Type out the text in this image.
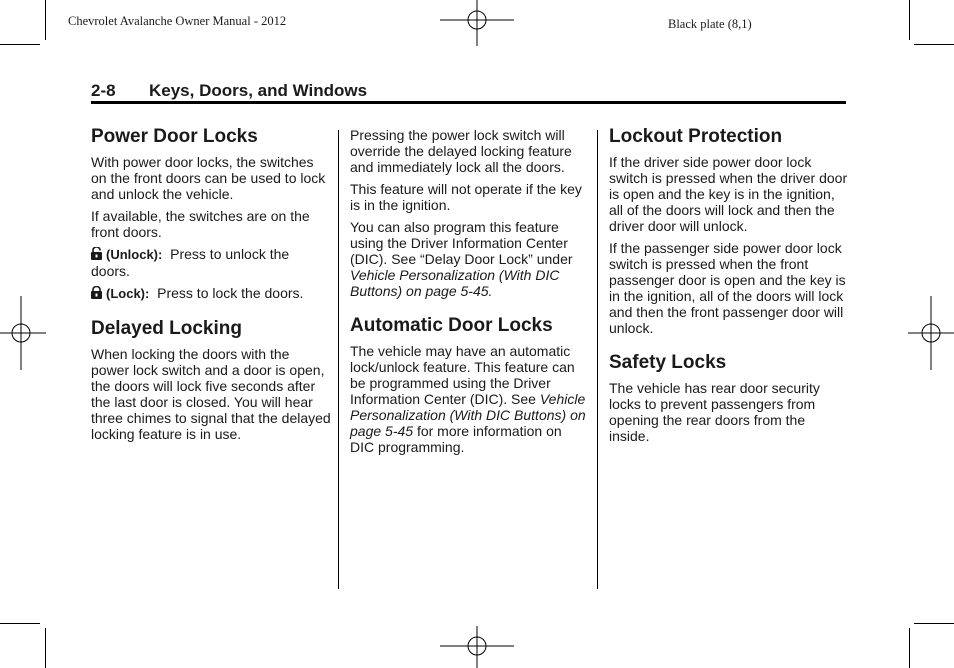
Chevrolet Avalanche Owner Manual - 2012	Black plate (8,1)
2-8 Keys, Doors, and Windows
Power Door Locks

With power door locks, the switches on the front doors can be used to lock and unlock the vehicle.

If available, the switches are on the front doors.

(Unlock): Press to unlock the doors.

(Lock): Press to lock the doors.

Delayed Locking

When locking the doors with the power lock switch and a door is open, the doors will lock five seconds after the last door is closed. You will hear three chimes to signal that the delayed locking feature is in use.

Pressing the power lock switch will override the delayed locking feature and immediately lock all the doors.

This feature will not operate if the key is in the ignition.

You can also program this feature using the Driver Information Center (DIC). See “Delay Door Lock” under Vehicle Personalization (With DIC Buttons) on page 5‑45.

Automatic Door Locks

The vehicle may have an automatic lock/unlock feature. This feature can be programmed using the Driver Information Center (DIC). See Vehicle Personalization (With DIC Buttons) on page 5‑45 for more information on DIC programming.

Lockout Protection

If the driver side power door lock switch is pressed when the driver door is open and the key is in the ignition, all of the doors will lock and then the driver door will unlock.

If the passenger side power door lock switch is pressed when the front passenger door is open and the key is in the ignition, all of the doors will lock and then the front passenger door will unlock.

Safety Locks

The vehicle has rear door security locks to prevent passengers from opening the rear doors from the inside.
